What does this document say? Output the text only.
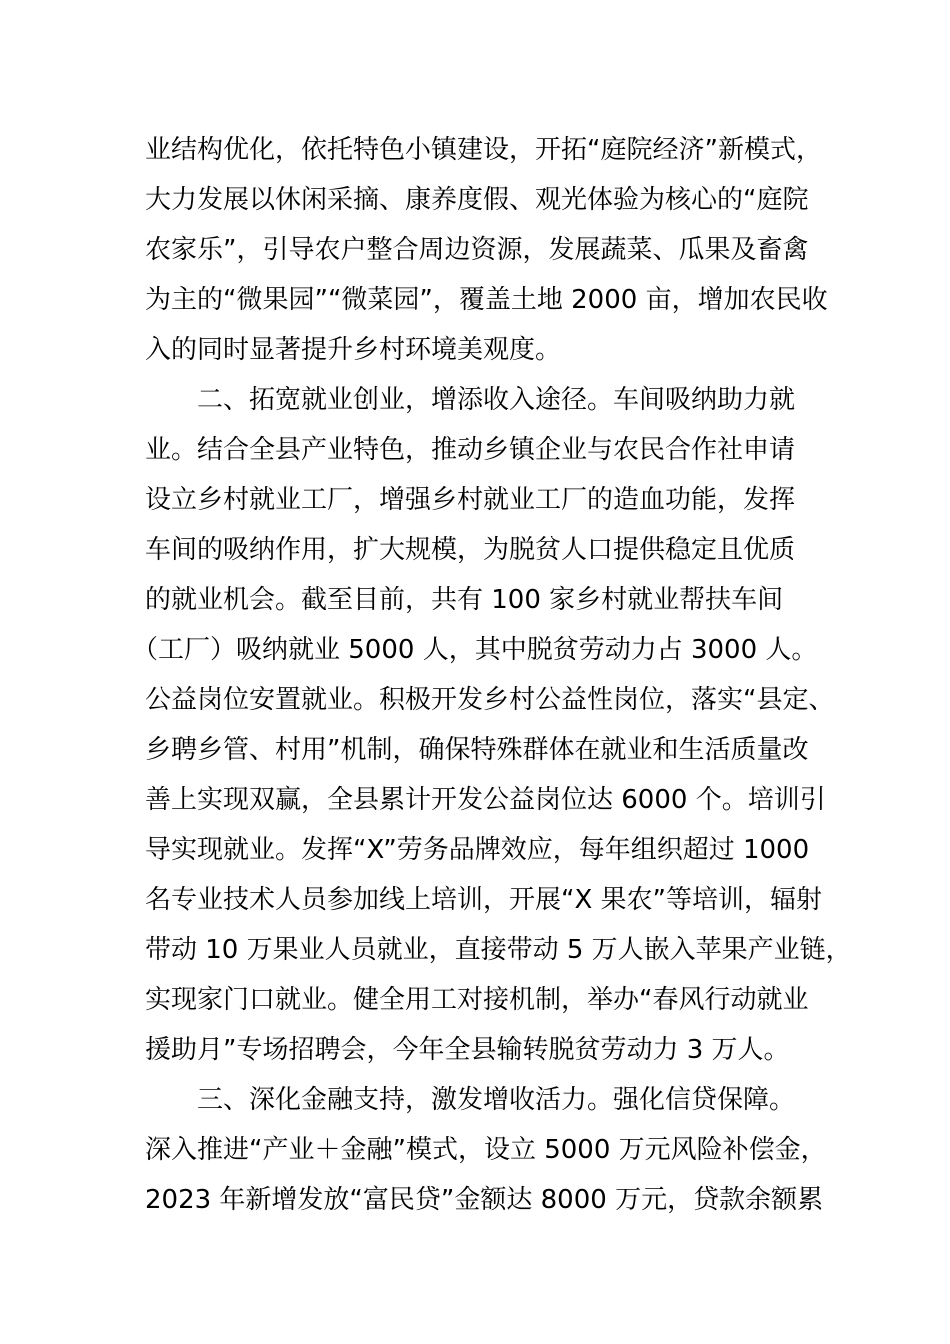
业结构优化，依托特色小镇建设，开拓“庭院经济”新模式，
大力发展以休闲采摘、康养度假、观光体验为核心的“庭院
农家乐”，引导农户整合周边资源，发展蔬菜、瓜果及畜禽
为主的“微果园”“微菜园”，覆盖土地 2000 亩，增加农民收
入的同时显著提升乡村环境美观度。
二、拓宽就业创业，增添收入途径。车间吸纳助力就
业。结合全县产业特色，推动乡镇企业与农民合作社申请
设立乡村就业工厂，增强乡村就业工厂的造血功能，发挥
车间的吸纳作用，扩大规模，为脱贫人口提供稳定且优质
的就业机会。截至目前，共有 100 家乡村就业帮扶车间
（工厂）吸纳就业 5000 人，其中脱贫劳动力占 3000 人。
公益岗位安置就业。积极开发乡村公益性岗位，落实“县定、
乡聘乡管、村用”机制，确保特殊群体在就业和生活质量改
善上实现双赢，全县累计开发公益岗位达 6000 个。培训引
导实现就业。发挥“X”劳务品牌效应，每年组织超过 1000
名专业技术人员参加线上培训，开展“X 果农”等培训，辐射
带动 10 万果业人员就业，直接带动 5 万人嵌入苹果产业链，
实现家门口就业。健全用工对接机制，举办“春风行动就业
援助月”专场招聘会，今年全县输转脱贫劳动力 3 万人。
三、深化金融支持，激发增收活力。强化信贷保障。
深入推进“产业＋金融”模式，设立 5000 万元风险补偿金，
2023 年新增发放“富民贷”金额达 8000 万元，贷款余额累
